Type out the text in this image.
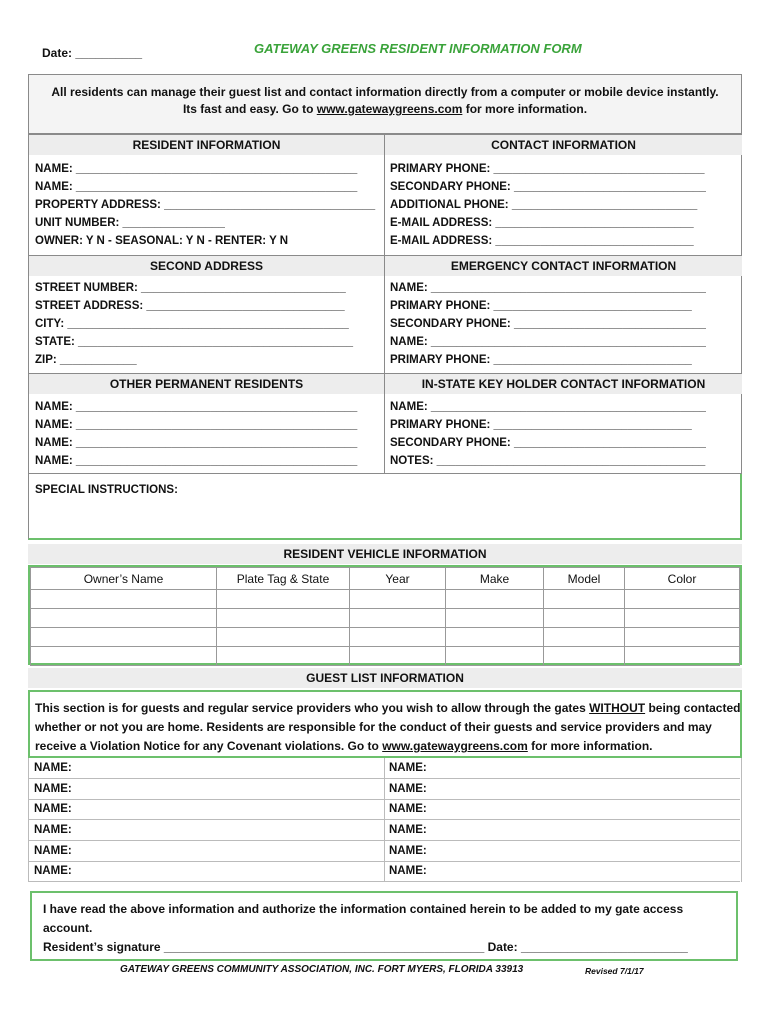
Date: __________	GATEWAY GREENS RESIDENT INFORMATION FORM
All residents can manage their guest list and contact information directly from a computer or mobile device instantly.
Its fast and easy. Go to www.gatewaygreens.com for more information.
RESIDENT INFORMATION	CONTACT INFORMATION
NAME: ____________________________________________
NAME: ____________________________________________
PROPERTY ADDRESS: _________________________________
UNIT NUMBER: ________________
OWNER: Y N - SEASONAL: Y N - RENTER: Y N
PRIMARY PHONE: _________________________________
SECONDARY PHONE: ______________________________
ADDITIONAL PHONE: _____________________________
E-MAIL ADDRESS: _______________________________
E-MAIL ADDRESS: _______________________________
SECOND ADDRESS	EMERGENCY CONTACT INFORMATION
STREET NUMBER: ________________________________
STREET ADDRESS: _______________________________
CITY: ____________________________________________
STATE: ___________________________________________
ZIP: ____________
NAME: ___________________________________________
PRIMARY PHONE: _______________________________
SECONDARY PHONE: ______________________________
NAME: ___________________________________________
PRIMARY PHONE: _______________________________
OTHER PERMANENT RESIDENTS	IN-STATE KEY HOLDER CONTACT INFORMATION
NAME: ____________________________________________
NAME: ____________________________________________
NAME: ____________________________________________
NAME: ____________________________________________
NAME: ___________________________________________
PRIMARY PHONE: _______________________________
SECONDARY PHONE: ______________________________
NOTES: __________________________________________
SPECIAL INSTRUCTIONS:
RESIDENT VEHICLE INFORMATION
Owner’s Name	Plate Tag & State	Year	Make	Model	Color

GUEST LIST INFORMATION
This section is for guests and regular service providers who you wish to allow through the gates WITHOUT being contacted
whether or not you are home. Residents are responsible for the conduct of their guests and service providers and may
receive a Violation Notice for any Covenant violations. Go to www.gatewaygreens.com for more information.
NAME:	NAME:
NAME:	NAME:
NAME:	NAME:
NAME:	NAME:
NAME:	NAME:
NAME:	NAME:
I have read the above information and authorize the information contained herein to be added to my gate access
account.
Resident’s signature ________________________________________________ Date: _________________________
GATEWAY GREENS COMMUNITY ASSOCIATION, INC. FORT MYERS, FLORIDA 33913	Revised 7/1/17
